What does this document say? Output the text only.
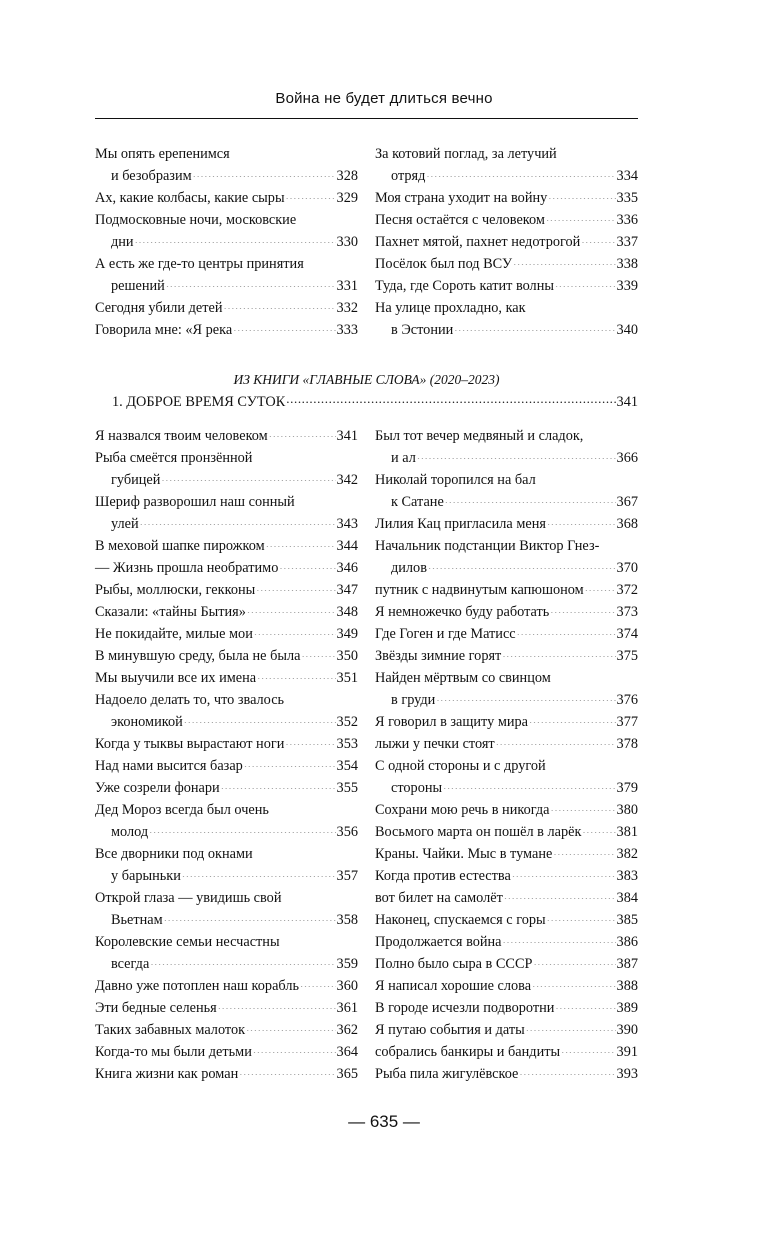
Война не будет длиться вечно
Мы опять ерепенимся
и безобразим .....	328
Ах, какие колбасы, какие сыры .....	329
Подмосковные ночи, московские
дни .....	330
А есть же где-то центры принятия
решений .....	331
Сегодня убили детей .....	332
Говорила мне: «Я река .....	333
За котовий поглад, за летучий
отряд .....	334
Моя страна уходит на войну .....	335
Песня остаётся с человеком .....	336
Пахнет мятой, пахнет недотрогой .....	337
Посёлок был под ВСУ .....	338
Туда, где Сороть катит волны .....	339
На улице прохладно, как
в Эстонии .....	340
ИЗ КНИГИ «ГЛАВНЫЕ СЛОВА» (2020–2023)
1. ДОБРОЕ ВРЕМЯ СУТОК .....	341
Я назвался твоим человеком .....	341
Рыба смеётся пронзённой
губицей .....	342
Шериф разворошил наш сонный
улей .....	343
В меховой шапке пирожком .....	344
— Жизнь прошла необратимо .....	346
Рыбы, моллюски, гекконы .....	347
Сказали: «тайны Бытия» .....	348
Не покидайте, милые мои .....	349
В минувшую среду, была не была .....	350
Мы выучили все их имена .....	351
Надоело делать то, что звалось
экономикой .....	352
Когда у тыквы вырастают ноги .....	353
Над нами высится базар .....	354
Уже созрели фонари .....	355
Дед Мороз всегда был очень
молод .....	356
Все дворники под окнами
у барыньки .....	357
Открой глаза — увидишь свой
Вьетнам .....	358
Королевские семьи несчастны
всегда .....	359
Давно уже потоплен наш корабль .....	360
Эти бедные селенья .....	361
Таких забавных малоток .....	362
Когда-то мы были детьми .....	364
Книга жизни как роман .....	365
Был тот вечер медвяный и сладок,
и ал .....	366
Николай торопился на бал
к Сатане .....	367
Лилия Кац пригласила меня .....	368
Начальник подстанции Виктор Гнез-
дилов .....	370
путник с надвинутым капюшоном ..... 372
Я немножечко буду работать .....	373
Где Гоген и где Матисс .....	374
Звёзды зимние горят .....	375
Найден мёртвым со свинцом
в груди .....	376
Я говорил в защиту мира .....	377
лыжи у печки стоят .....	378
С одной стороны и с другой
стороны .....	379
Сохрани мою речь в никогда .....	380
Восьмого марта он пошёл в ларёк ..... 381
Краны. Чайки. Мыс в тумане .....	382
Когда против естества .....	383
вот билет на самолёт .....	384
Наконец, спускаемся с горы .....	385
Продолжается война .....	386
Полно было сыра в СССР .....	387
Я написал хорошие слова .....	388
В городе исчезли подворотни .....	389
Я путаю события и даты .....	390
собрались банкиры и бандиты .....	391
Рыба пила жигулёвское .....	393
— 635 —
